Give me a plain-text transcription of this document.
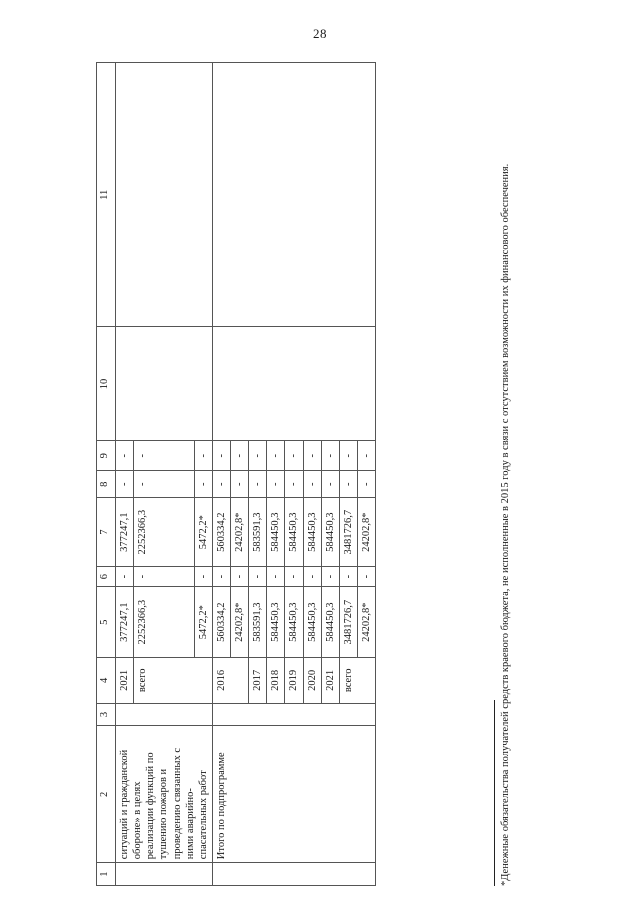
28
1	2	3	4	5	6	7	8	9	10	11
	ситуаций и гражданской обороне» в целях реализации функций по тушению пожаров и проведению связанных с ними аварийно-спасательных работ		2021	377247,1	-	377247,1	-	-		
			всего	2252366,3	-	2252366,3	-	-		
				5472,2*	-	5472,2*	-	-		
	Итого по подпрограмме		2016	560334,2	-	560334,2	-	-		
				24202,8*	-	24202,8*	-	-		
			2017	583591,3	-	583591,3	-	-		
			2018	584450,3	-	584450,3	-	-		
			2019	584450,3	-	584450,3	-	-		
			2020	584450,3	-	584450,3	-	-		
			2021	584450,3	-	584450,3	-	-		
			всего	3481726,7	-	3481726,7	-	-		
				24202,8*	-	24202,8*	-	-			*Денежные обязательства получателей средств краевого бюджета, не исполненные в 2015 году в связи с отсутствием возможности их финансового обеспечения.
